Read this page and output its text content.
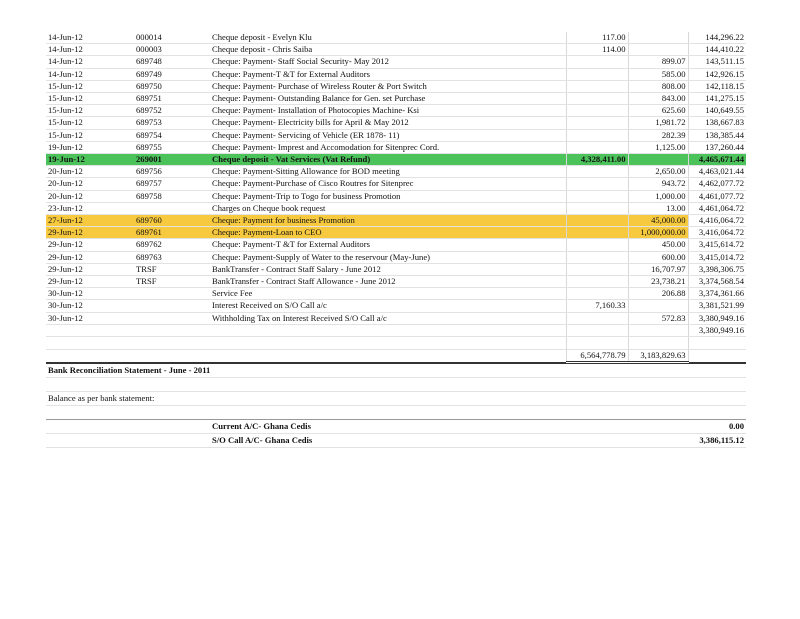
14-Jun-12	000014	Cheque deposit - Evelyn Klu	117.00		144,296.22
14-Jun-12	000003	Cheque deposit - Chris Saiba	114.00		144,410.22
14-Jun-12	689748	Cheque: Payment- Staff Social Security- May 2012		899.07	143,511.15
14-Jun-12	689749	Cheque: Payment-T &T for External Auditors		585.00	142,926.15
15-Jun-12	689750	Cheque: Payment- Purchase of Wireless Router & Port Switch		808.00	142,118.15
15-Jun-12	689751	Cheque: Payment- Outstanding Balance for Gen. set Purchase		843.00	141,275.15
15-Jun-12	689752	Cheque: Payment- Installation of Photocopies Machine- Ksi		625.60	140,649.55
15-Jun-12	689753	Cheque: Payment- Electricity bills for April & May 2012		1,981.72	138,667.83
15-Jun-12	689754	Cheque: Payment- Servicing of Vehicle (ER 1878- 11)		282.39	138,385.44
19-Jun-12	689755	Cheque: Payment- Imprest and Accomodation for Sitenprec Cord.		1,125.00	137,260.44
19-Jun-12	269001	Cheque deposit - Vat Services (Vat Refund)	4,328,411.00		4,465,671.44
20-Jun-12	689756	Cheque: Payment-Sitting Allowance for BOD meeting		2,650.00	4,463,021.44
20-Jun-12	689757	Cheque: Payment-Purchase of Cisco Routres for Sitenprec		943.72	4,462,077.72
20-Jun-12	689758	Cheque: Payment-Trip to Togo for business Promotion		1,000.00	4,461,077.72
23-Jun-12		Charges on Cheque book request		13.00	4,461,064.72
27-Jun-12	689760	Cheque: Payment for business Promotion		45,000.00	4,416,064.72
29-Jun-12	689761	Cheque: Payment-Loan to CEO		1,000,000.00	3,416,064.72
29-Jun-12	689762	Cheque: Payment-T &T for External Auditors		450.00	3,415,614.72
29-Jun-12	689763	Cheque: Payment-Supply of Water to the reservour (May-June)		600.00	3,415,014.72
29-Jun-12	TRSF	BankTransfer - Contract Staff Salary - June 2012		16,707.97	3,398,306.75
29-Jun-12	TRSF	BankTransfer - Contract Staff Allowance - June 2012		23,738.21	3,374,568.54
30-Jun-12		Service Fee		206.88	3,374,361.66
30-Jun-12		Interest Received on S/O Call a/c	7,160.33		3,381,521.99
30-Jun-12		Withholding Tax on Interest Received S/O Call a/c		572.83	3,380,949.16
					3,380,949.16

			6,564,778.79	3,183,829.63	
Bank Reconciliation Statement - June - 2011					

Balance as per bank statement:					

		Current A/C- Ghana Cedis			0.00
		S/O Call A/C- Ghana Cedis			3,386,115.12
